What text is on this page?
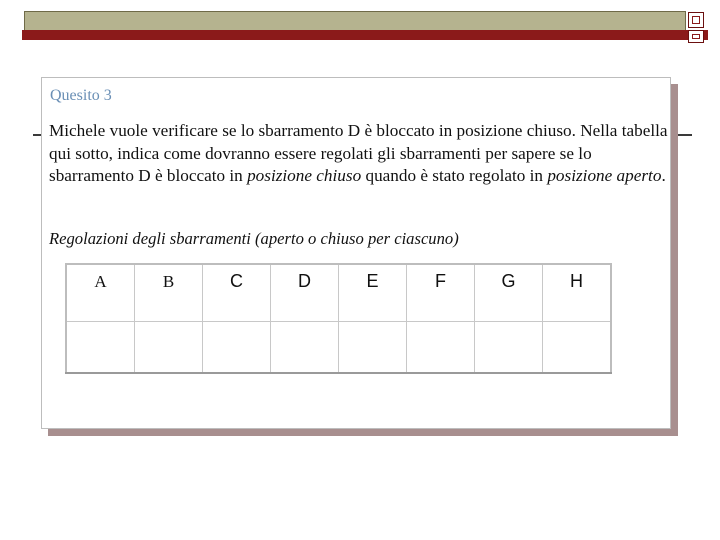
Quesito 3

Michele vuole verificare se lo sbarramento D è bloccato in posizione chiuso. Nella tabella qui sotto, indica come dovranno essere regolati gli sbarramenti per sapere se lo sbarramento D è bloccato in posizione chiuso quando è stato regolato in posizione aperto.

Regolazioni degli sbarramenti (aperto o chiuso per ciascuno)

A	B	C	D	E	F	G	H
